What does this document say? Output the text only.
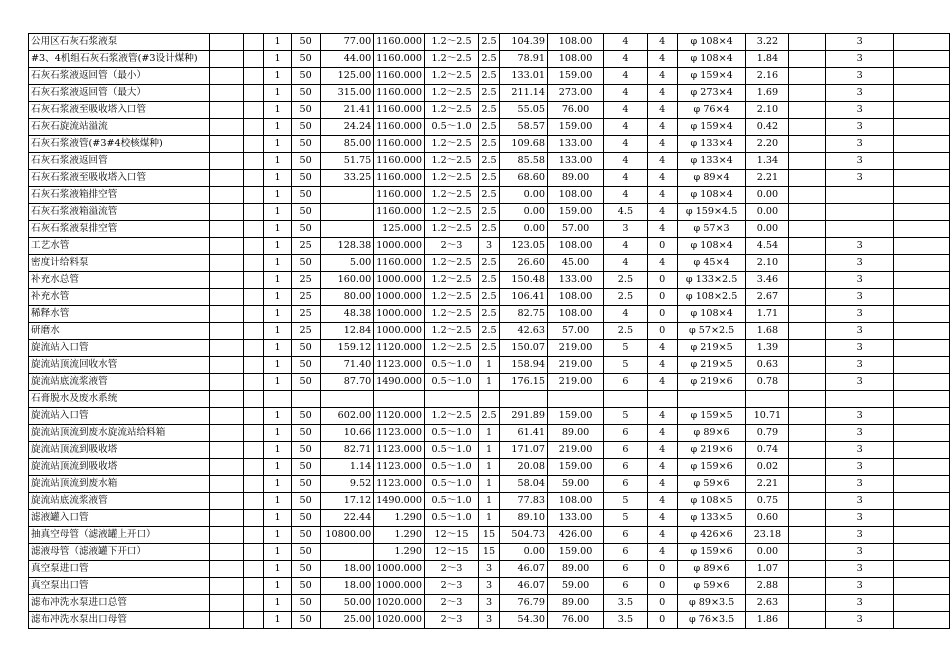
公用区石灰石浆液泵			1	50	77.00	1160.000	1.2～2.5	2.5	104.39	108.00	4	4	φ 108×4	3.22		3	
#3、4机组石灰石浆液管(#3设计煤种)			1	50	44.00	1160.000	1.2～2.5	2.5	78.91	108.00	4	4	φ 108×4	1.84		3	
石灰石浆液返回管（最小）			1	50	125.00	1160.000	1.2～2.5	2.5	133.01	159.00	4	4	φ 159×4	2.16		3	
石灰石浆液返回管（最大）			1	50	315.00	1160.000	1.2～2.5	2.5	211.14	273.00	4	4	φ 273×4	1.69		3	
石灰石浆液至吸收塔入口管			1	50	21.41	1160.000	1.2～2.5	2.5	55.05	76.00	4	4	φ 76×4	2.10		3	
石灰石旋流站溢流			1	50	24.24	1160.000	0.5～1.0	2.5	58.57	159.00	4	4	φ 159×4	0.42		3	
石灰石浆液管(#3#4校核煤种)			1	50	85.00	1160.000	1.2～2.5	2.5	109.68	133.00	4	4	φ 133×4	2.20		3	
石灰石浆液返回管			1	50	51.75	1160.000	1.2～2.5	2.5	85.58	133.00	4	4	φ 133×4	1.34		3	
石灰石浆液至吸收塔入口管			1	50	33.25	1160.000	1.2～2.5	2.5	68.60	89.00	4	4	φ 89×4	2.21		3	
石灰石浆液箱排空管			1	50		1160.000	1.2～2.5	2.5	0.00	108.00	4	4	φ 108×4	0.00			
石灰石浆液箱溢流管			1	50		1160.000	1.2～2.5	2.5	0.00	159.00	4.5	4	φ 159×4.5	0.00			
石灰石浆液泵排空管			1	50		125.000	1.2～2.5	2.5	0.00	57.00	3	4	φ 57×3	0.00			
工艺水管			1	25	128.38	1000.000	2～3	3	123.05	108.00	4	0	φ 108×4	4.54		3	
密度计给料泵			1	50	5.00	1160.000	1.2～2.5	2.5	26.60	45.00	4	4	φ 45×4	2.10		3	
补充水总管			1	25	160.00	1000.000	1.2～2.5	2.5	150.48	133.00	2.5	0	φ 133×2.5	3.46		3	
补充水管			1	25	80.00	1000.000	1.2～2.5	2.5	106.41	108.00	2.5	0	φ 108×2.5	2.67		3	
稀释水管			1	25	48.38	1000.000	1.2～2.5	2.5	82.75	108.00	4	0	φ 108×4	1.71		3	
研磨水			1	25	12.84	1000.000	1.2～2.5	2.5	42.63	57.00	2.5	0	φ 57×2.5	1.68		3	
旋流站入口管			1	50	159.12	1120.000	1.2～2.5	2.5	150.07	219.00	5	4	φ 219×5	1.39		3	
旋流站顶流回收水管			1	50	71.40	1123.000	0.5～1.0	1	158.94	219.00	5	4	φ 219×5	0.63		3	
旋流站底流浆液管			1	50	87.70	1490.000	0.5～1.0	1	176.15	219.00	6	4	φ 219×6	0.78		3	
石膏脱水及废水系统																	
旋流站入口管			1	50	602.00	1120.000	1.2～2.5	2.5	291.89	159.00	5	4	φ 159×5	10.71		3	
旋流站顶流到废水旋流站给料箱			1	50	10.66	1123.000	0.5～1.0	1	61.41	89.00	6	4	φ 89×6	0.79		3	
旋流站顶流到吸收塔			1	50	82.71	1123.000	0.5～1.0	1	171.07	219.00	6	4	φ 219×6	0.74		3	
旋流站顶流到吸收塔			1	50	1.14	1123.000	0.5～1.0	1	20.08	159.00	6	4	φ 159×6	0.02		3	
旋流站顶流到废水箱			1	50	9.52	1123.000	0.5～1.0	1	58.04	59.00	6	4	φ 59×6	2.21		3	
旋流站底流浆液管			1	50	17.12	1490.000	0.5～1.0	1	77.83	108.00	5	4	φ 108×5	0.75		3	
滤液罐入口管			1	50	22.44	1.290	0.5～1.0	1	89.10	133.00	5	4	φ 133×5	0.60		3	
抽真空母管（滤液罐上开口）			1	50	10800.00	1.290	12～15	15	504.73	426.00	6	4	φ 426×6	23.18		3	
滤液母管（滤液罐下开口）			1	50		1.290	12～15	15	0.00	159.00	6	4	φ 159×6	0.00		3	
真空泵进口管			1	50	18.00	1000.000	2～3	3	46.07	89.00	6	0	φ 89×6	1.07		3	
真空泵出口管			1	50	18.00	1000.000	2～3	3	46.07	59.00	6	0	φ 59×6	2.88		3	
滤布冲洗水泵进口总管			1	50	50.00	1020.000	2～3	3	76.79	89.00	3.5	0	φ 89×3.5	2.63		3	
滤布冲洗水泵出口母管			1	50	25.00	1020.000	2～3	3	54.30	76.00	3.5	0	φ 76×3.5	1.86		3	
